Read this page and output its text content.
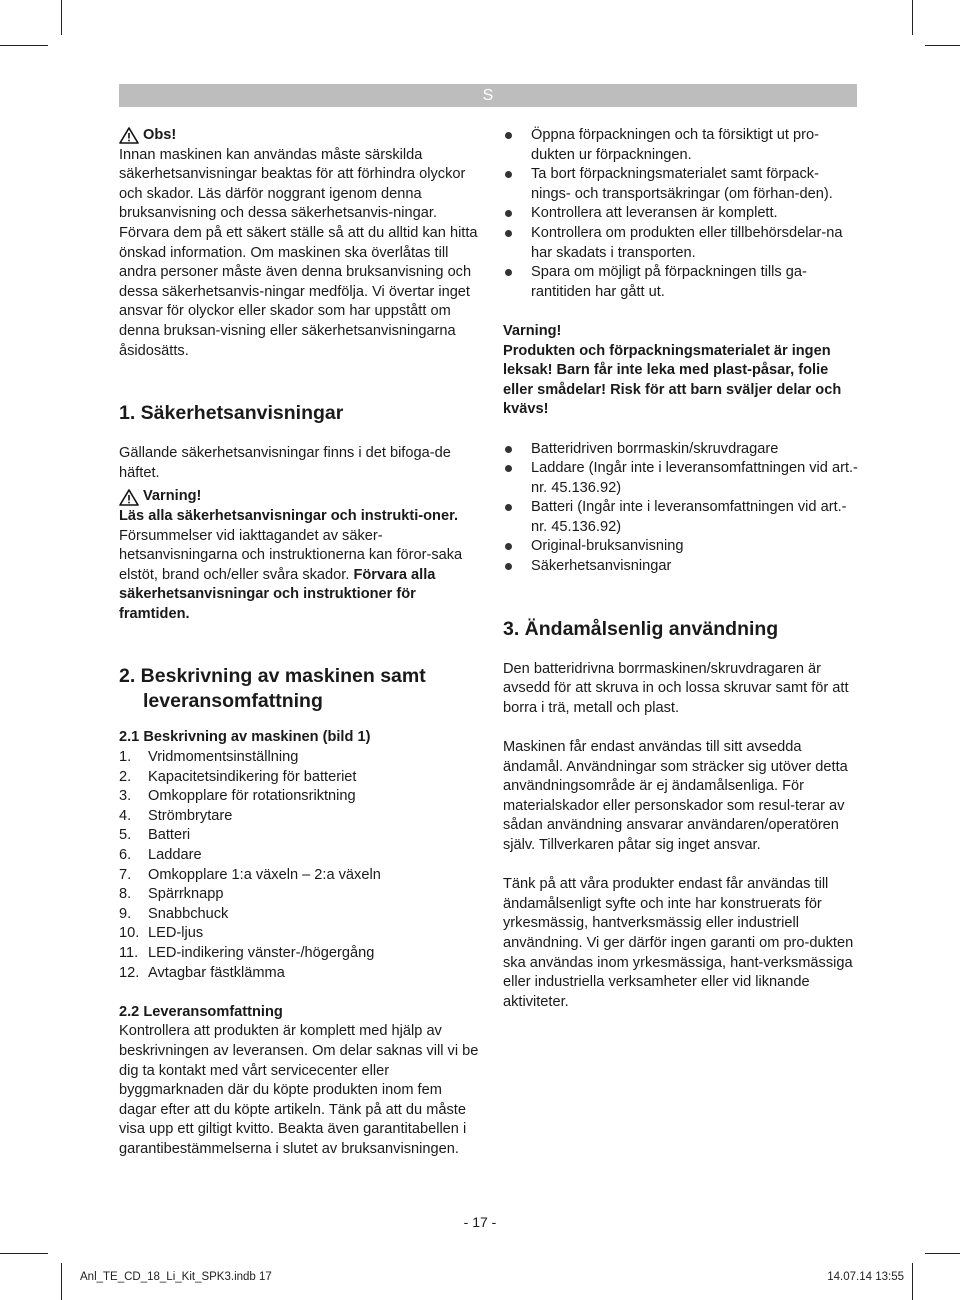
S
Obs!

Innan maskinen kan användas måste särskilda säkerhetsanvisningar beaktas för att förhindra olyckor och skador. Läs därför noggrant igenom denna bruksanvisning och dessa säkerhetsanvis-ningar. Förvara dem på ett säkert ställe så att du alltid kan hitta önskad information. Om maskinen ska överlåtas till andra personer måste även denna bruksanvisning och dessa säkerhetsanvis-ningar medfölja. Vi övertar inget ansvar för olyckor eller skador som har uppstått om denna bruksan-visning eller säkerhetsanvisningarna åsidosätts.

1. Säkerhetsanvisningar

Gällande säkerhetsanvisningar finns i det bifoga-de häftet.

Varning!

Läs alla säkerhetsanvisningar och instrukti-oner. Försummelser vid iakttagandet av säker-hetsanvisningarna och instruktionerna kan föror-saka elstöt, brand och/eller svåra skador. Förvara alla säkerhetsanvisningar och instruktioner för framtiden.

2. Beskrivning av maskinen samt
leveransomfattning
2.1 Beskrivning av maskinen (bild 1)
1.	Vridmomentsinställning
2.	Kapacitetsindikering för batteriet
3.	Omkopplare för rotationsriktning
4.	Strömbrytare
5.	Batteri
6.	Laddare
7.	Omkopplare 1:a växeln – 2:a växeln
8.	Spärrknapp
9.	Snabbchuck
10. LED-ljus
11. LED-indikering vänster-/högergång
12. Avtagbar fästklämma
2.2 Leveransomfattning

Kontrollera att produkten är komplett med hjälp av beskrivningen av leveransen. Om delar saknas vill vi be dig ta kontakt med vårt servicecenter eller byggmarknaden där du köpte produkten inom fem dagar efter att du köpte artikeln. Tänk på att du måste visa upp ett giltigt kvitto. Beakta även garantitabellen i garantibestämmelserna i slutet av bruksanvisningen.

Öppna förpackningen och ta försiktigt ut pro-dukten ur förpackningen.
Ta bort förpackningsmaterialet samt förpack-nings- och transportsäkringar (om förhan-den).
Kontrollera att leveransen är komplett.
Kontrollera om produkten eller tillbehörsdelar-na har skadats i transporten.
Spara om möjligt på förpackningen tills ga-rantitiden har gått ut.

Varning!
Produkten och förpackningsmaterialet är ingen leksak! Barn får inte leka med plast-påsar, folie eller smådelar! Risk för att barn sväljer delar och kvävs!

Batteridriven borrmaskin/skruvdragare
Laddare (Ingår inte i leveransomfattningen vid art.-nr. 45.136.92)
Batteri (Ingår inte i leveransomfattningen vid art.-nr. 45.136.92)
Original-bruksanvisning
Säkerhetsanvisningar
3. Ändamålsenlig användning

Den batteridrivna borrmaskinen/skruvdragaren är avsedd för att skruva in och lossa skruvar samt för att borra i trä, metall och plast.

Maskinen får endast användas till sitt avsedda ändamål. Användningar som sträcker sig utöver detta användningsområde är ej ändamålsenliga. För materialskador eller personskador som resul-terar av sådan användning ansvarar användaren/operatören själv. Tillverkaren påtar sig inget ansvar.

Tänk på att våra produkter endast får användas till ändamålsenligt syfte och inte har konstruerats för yrkesmässig, hantverksmässig eller industriell användning. Vi ger därför ingen garanti om pro-dukten ska användas inom yrkesmässiga, hant-verksmässiga eller industriella verksamheter eller vid liknande aktiviteter.

- 17 -
Anl_TE_CD_18_Li_Kit_SPK3.indb 17	14.07.14 13:55
